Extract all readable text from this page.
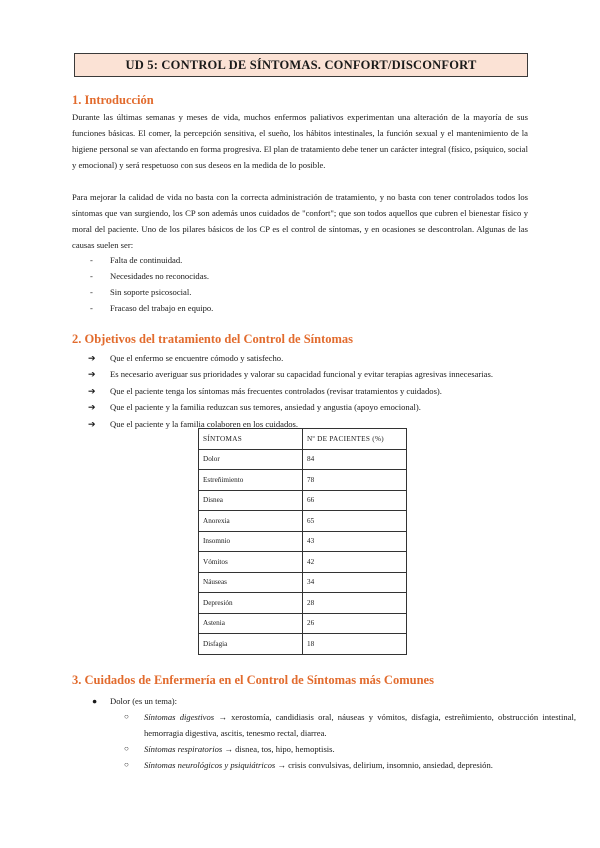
UD 5: CONTROL DE SÍNTOMAS. CONFORT/DISCONFORT
1. Introducción

Durante las últimas semanas y meses de vida, muchos enfermos paliativos experimentan una alteración de la mayoría de sus funciones básicas. El comer, la percepción sensitiva, el sueño, los hábitos intestinales, la función sexual y el mantenimiento de la higiene personal se van afectando en forma progresiva. El plan de tratamiento debe tener un carácter integral (físico, psíquico, social y emocional) y será respetuoso con sus deseos en la medida de lo posible.

Para mejorar la calidad de vida no basta con la correcta administración de tratamiento, y no basta con tener controlados todos los síntomas que van surgiendo, los CP son además unos cuidados de "confort"; que son todos aquellos que cubren el bienestar físico y moral del paciente. Uno de los pilares básicos de los CP es el control de síntomas, y en ocasiones se descontrolan. Algunas de las causas suelen ser:

- Falta de continuidad.
- Necesidades no reconocidas.
- Sin soporte psicosocial.
- Fracaso del trabajo en equipo.
2. Objetivos del tratamiento del Control de Síntomas
➔ Que el enfermo se encuentre cómodo y satisfecho.
➔ Es necesario averiguar sus prioridades y valorar su capacidad funcional y evitar terapias agresivas innecesarias.
➔ Que el paciente tenga los síntomas más frecuentes controlados (revisar tratamientos y cuidados).
➔ Que el paciente y la familia reduzcan sus temores, ansiedad y angustia (apoyo emocional).
➔ Que el paciente y la familia colaboren en los cuidados.
SÍNTOMAS	Nº DE PACIENTES (%)
Dolor	84
Estreñimiento	78
Disnea	66
Anorexia	65
Insomnio	43
Vómitos	42
Náuseas	34
Depresión	28
Astenia	26
Disfagia	18
3. Cuidados de Enfermería en el Control de Síntomas más Comunes
● Dolor (es un tema):
○ Síntomas digestivos → xerostomía, candidiasis oral, náuseas y vómitos, disfagia, estreñimiento, obstrucción intestinal, hemorragia digestiva, ascitis, tenesmo rectal, diarrea.
○ Síntomas respiratorios → disnea, tos, hipo, hemoptisis.
○ Síntomas neurológicos y psiquiátricos → crisis convulsivas, delirium, insomnio, ansiedad, depresión.
